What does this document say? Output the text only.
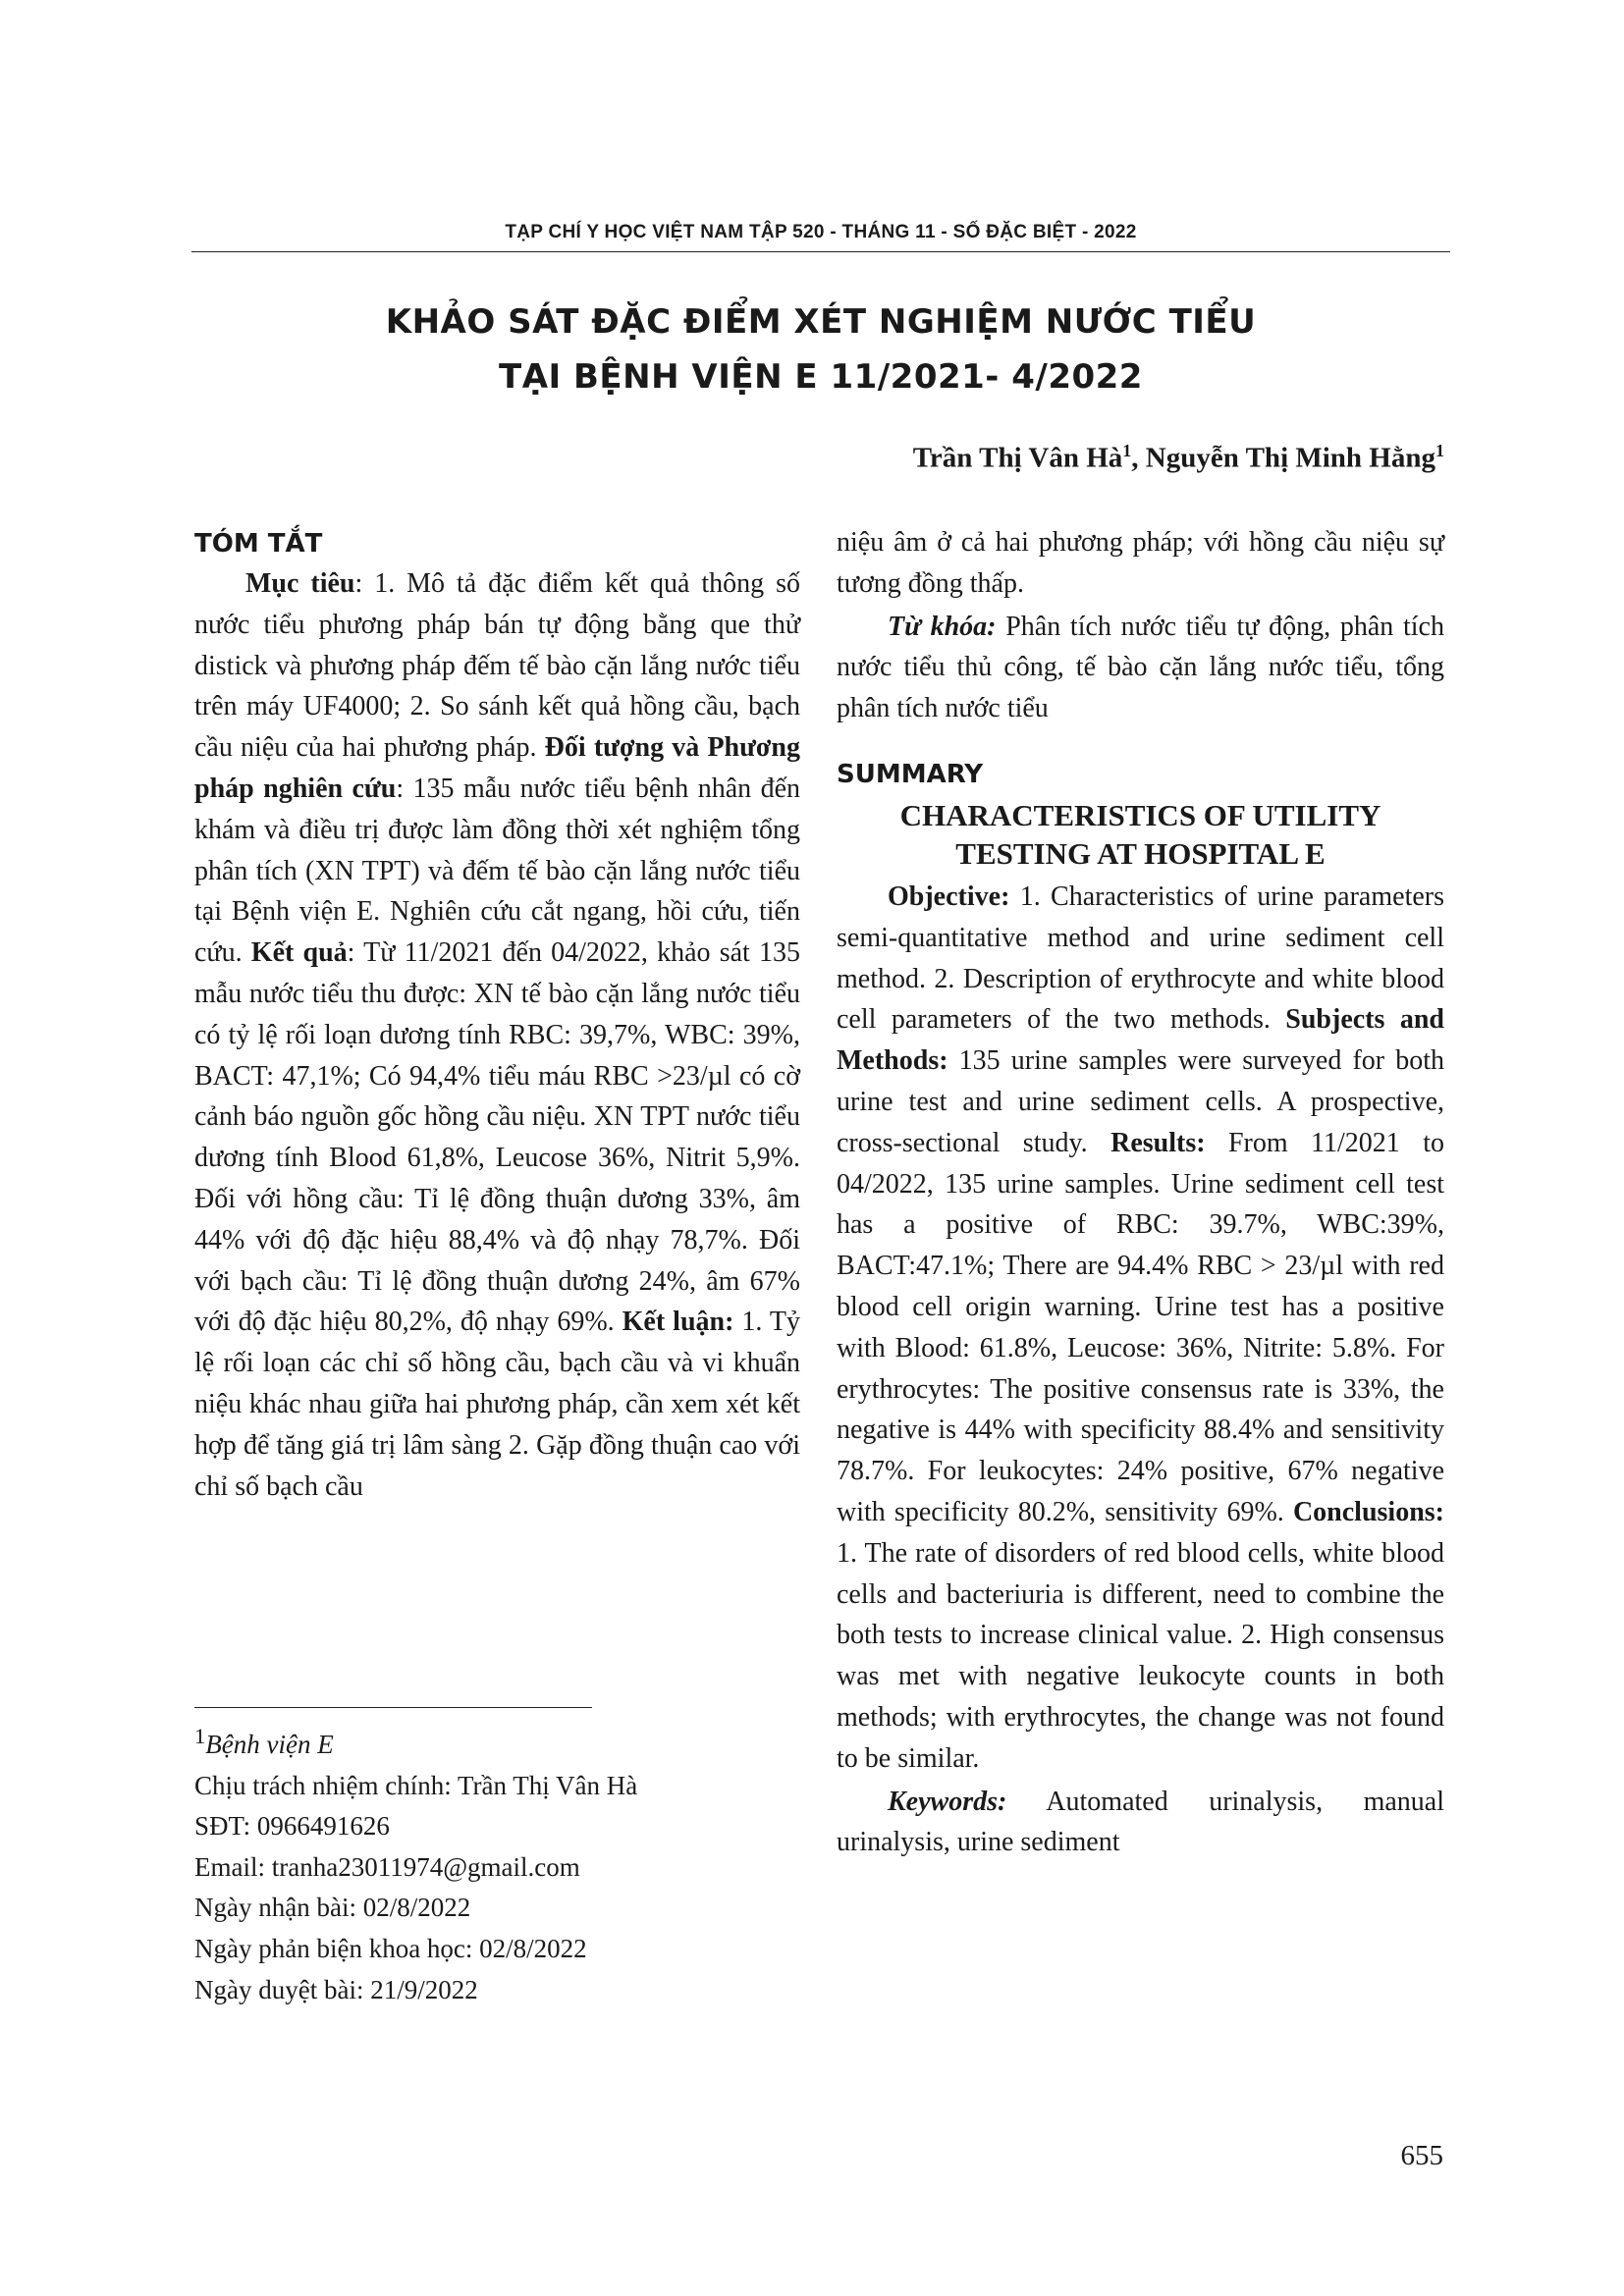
TẠP CHÍ Y HỌC VIỆT NAM TẬP 520 - THÁNG 11 - SỐ ĐẶC BIỆT - 2022
KHẢO SÁT ĐẶC ĐIỂM XÉT NGHIỆM NƯỚC TIỂU
TẠI BỆNH VIỆN E 11/2021- 4/2022
Trần Thị Vân $Hà^1$, Nguyễn Thị Minh Hằng$^1$
TÓM TẮT

Mục tiêu: 1. Mô tả đặc điểm kết quả thông số nước tiểu phương pháp bán tự động bằng que thử distick và phương pháp đếm tế bào cặn lắng nước tiểu trên máy UF4000; 2. So sánh kết quả hồng cầu, bạch cầu niệu của hai phương pháp. Đối tượng và Phương pháp nghiên cứu: 135 mẫu nước tiểu bệnh nhân đến khám và điều trị được làm đồng thời xét nghiệm tổng phân tích (XN TPT) và đếm tế bào cặn lắng nước tiểu tại Bệnh viện E. Nghiên cứu cắt ngang, hồi cứu, tiến cứu. Kết quả: Từ 11/2021 đến 04/2022, khảo sát 135 mẫu nước tiểu thu được: XN tế bào cặn lắng nước tiểu có tỷ lệ rối loạn dương tính RBC: 39,7%, WBC: 39%, BACT: 47,1%; Có 94,4% tiểu máu RBC >23/µl có cờ cảnh báo nguồn gốc hồng cầu niệu. XN TPT nước tiểu dương tính Blood 61,8%, Leucose 36%, Nitrit 5,9%. Đối với hồng cầu: Tỉ lệ đồng thuận dương 33%, âm 44% với độ đặc hiệu 88,4% và độ nhạy 78,7%. Đối với bạch cầu: Tỉ lệ đồng thuận dương 24%, âm 67% với độ đặc hiệu 80,2%, độ nhạy 69%. Kết luận: 1. Tỷ lệ rối loạn các chỉ số hồng cầu, bạch cầu và vi khuẩn niệu khác nhau giữa hai phương pháp, cần xem xét kết hợp để tăng giá trị lâm sàng 2. Gặp đồng thuận cao với chỉ số bạch cầu

niệu âm ở cả hai phương pháp; với hồng cầu niệu sự tương đồng thấp.

Từ khóa: Phân tích nước tiểu tự động, phân tích nước tiểu thủ công, tế bào cặn lắng nước tiểu, tổng phân tích nước tiểu

SUMMARY
CHARACTERISTICS OF UTILITY
TESTING AT HOSPITAL E

Objective: 1. Characteristics of urine parameters semi-quantitative method and urine sediment cell method. 2. Description of erythrocyte and white blood cell parameters of the two methods. Subjects and Methods: 135 urine samples were surveyed for both urine test and urine sediment cells. A prospective, cross-sectional study. Results: From 11/2021 to 04/2022, 135 urine samples. Urine sediment cell test has a positive of RBC: 39.7%, WBC:39%, BACT:47.1%; There are 94.4% RBC > 23/µl with red blood cell origin warning. Urine test has a positive with Blood: 61.8%, Leucose: 36%, Nitrite: 5.8%. For erythrocytes: The positive consensus rate is 33%, the negative is 44% with specificity 88.4% and sensitivity 78.7%. For leukocytes: 24% positive, 67% negative with specificity 80.2%, sensitivity 69%. Conclusions: 1. The rate of disorders of red blood cells, white blood cells and bacteriuria is different, need to combine the both tests to increase clinical value. 2. High consensus was met with negative leukocyte counts in both methods; with erythrocytes, the change was not found to be similar.

Keywords: Automated urinalysis, manual urinalysis, urine sediment

$^1$Bệnh viện E
Chịu trách nhiệm chính: Trần Thị Vân Hà
SĐT: 0966491626
Email: tranha23011974@gmail.com
Ngày nhận bài: 02/8/2022
Ngày phản biện khoa học: 02/8/2022
Ngày duyệt bài: 21/9/2022
655
